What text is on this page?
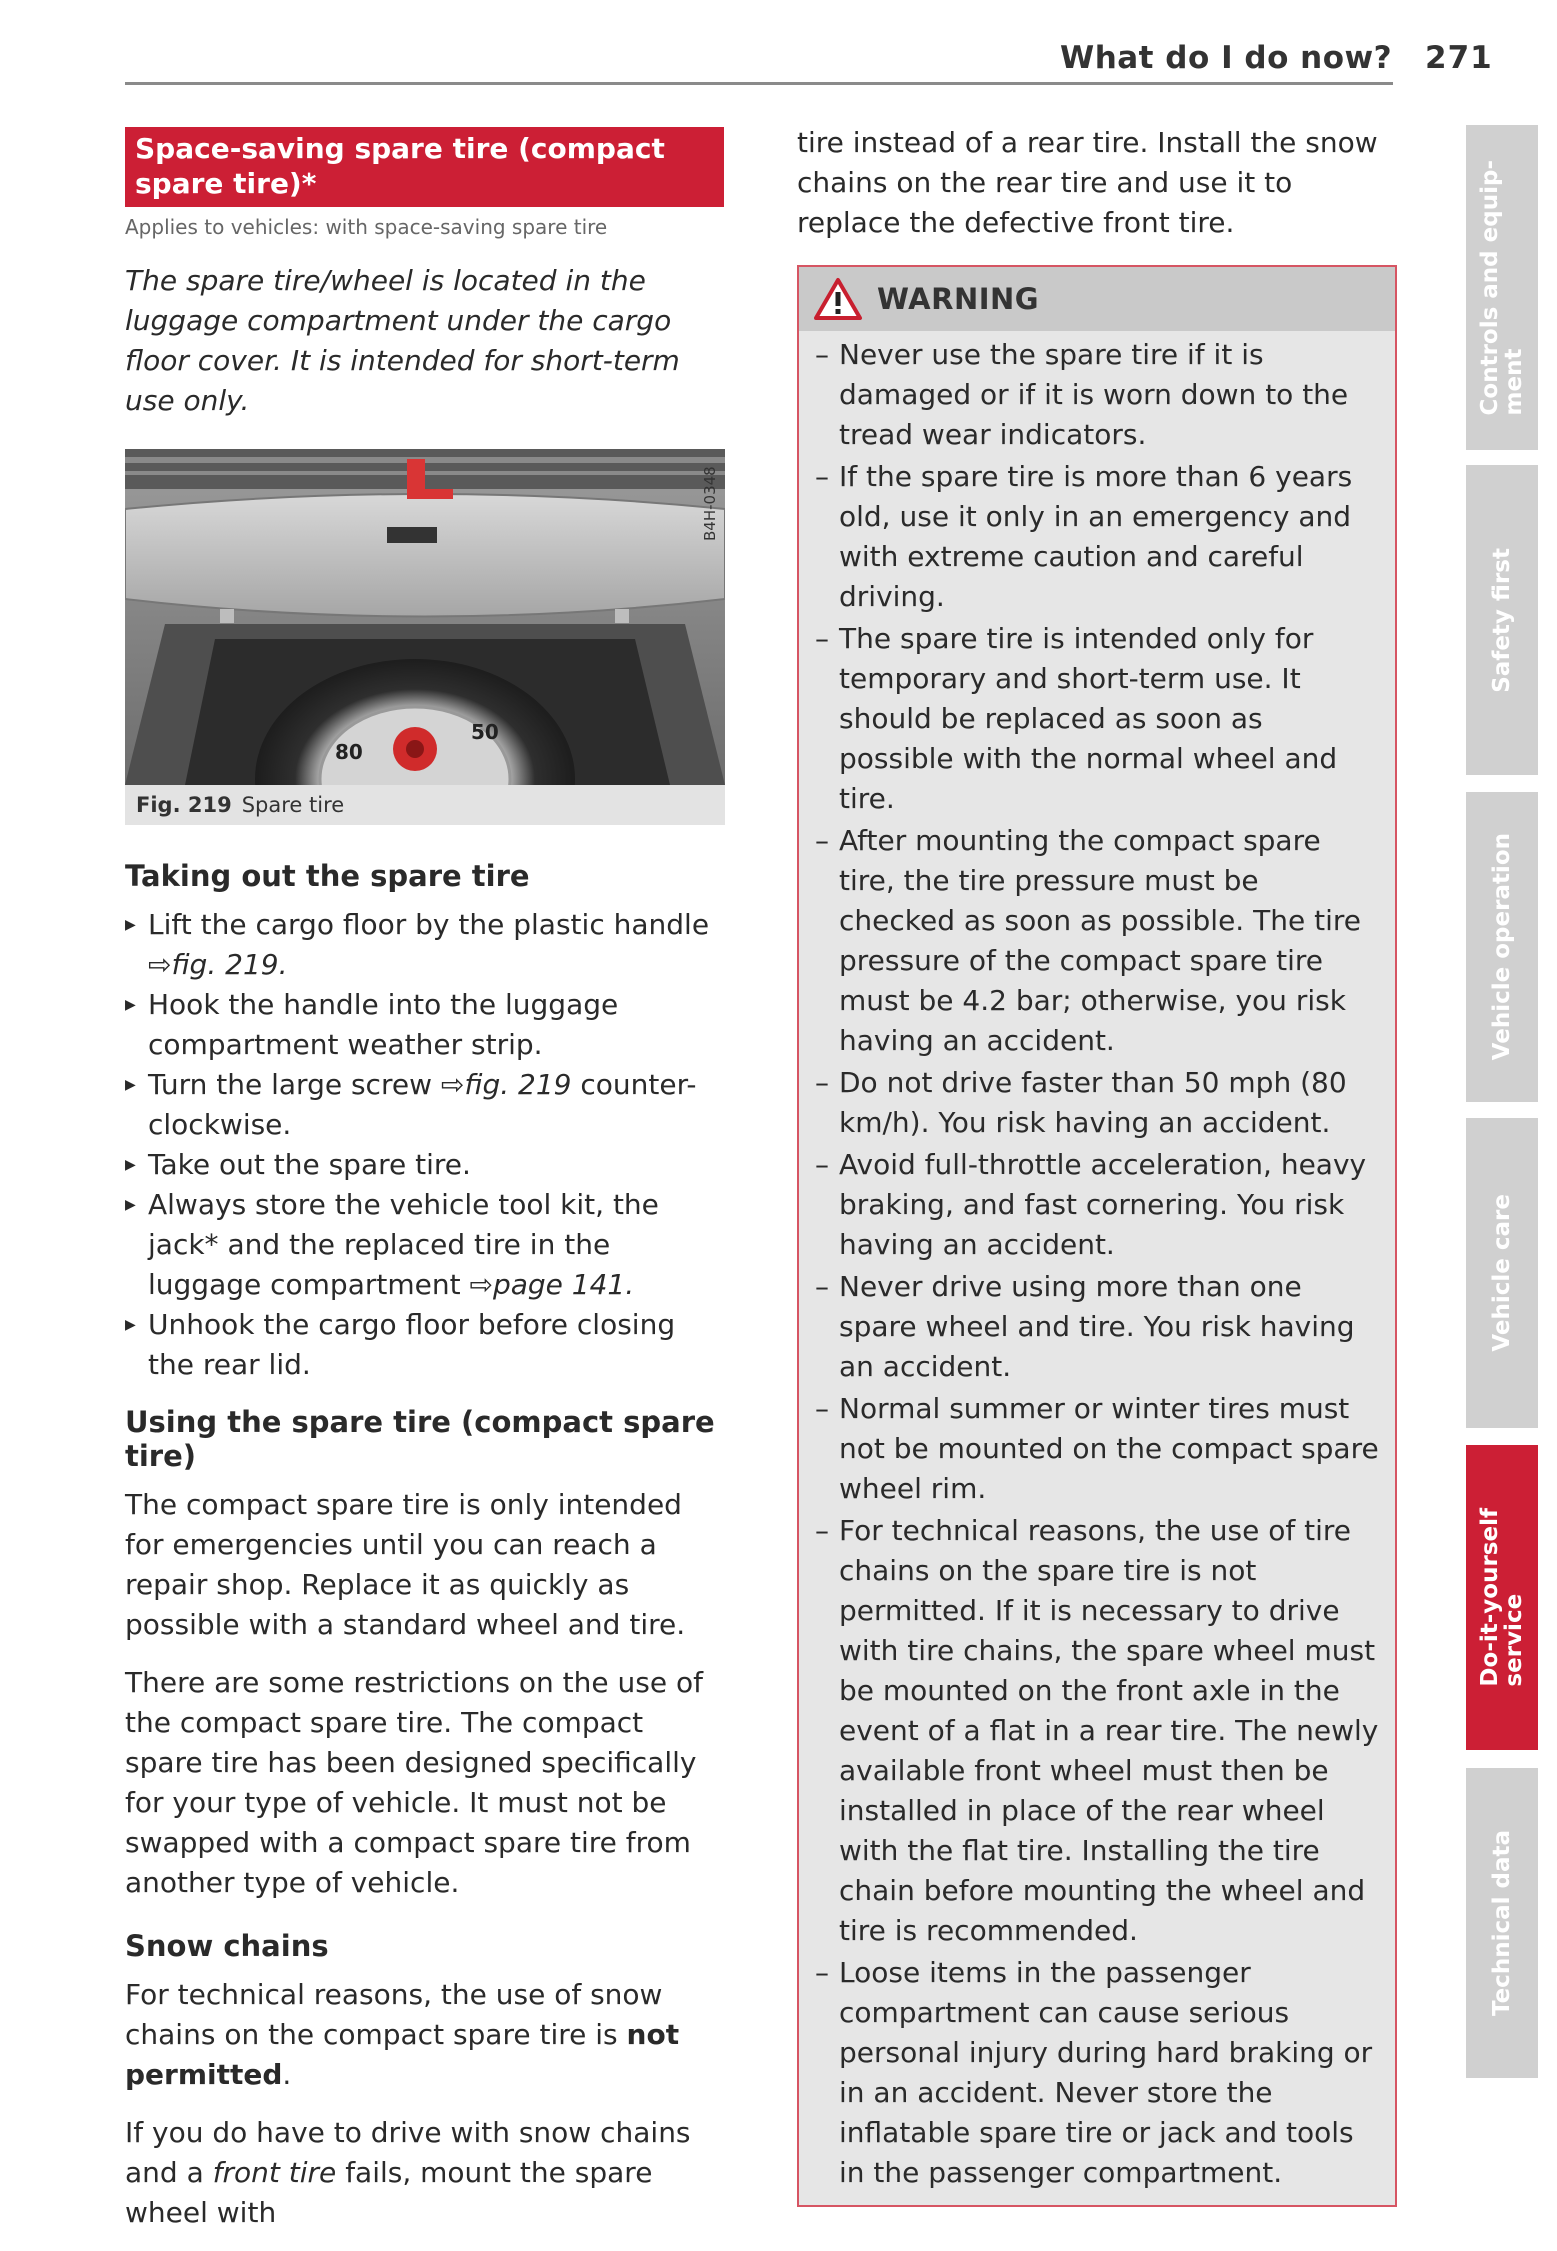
What do I do now? 271
Space-saving spare tire (compact spare tire)*
Applies to vehicles: with space-saving spare tire
The spare tire/wheel is located in the luggage compartment under the cargo floor cover. It is intended for short-term use only.
80
50
B4H-0348
Fig. 219 Spare tire
Taking out the spare tire
▶ Lift the cargo floor by the plastic handle
⇨fig. 219.
▶ Hook the handle into the luggage compartment weather strip.
▶ Turn the large screw ⇨fig. 219 counter-clockwise.
▶ Take out the spare tire.
▶ Always store the vehicle tool kit, the jack* and the replaced tire in the luggage compartment ⇨page 141.
▶ Unhook the cargo floor before closing the rear lid.
Using the spare tire (compact spare tire)

The compact spare tire is only intended for emergencies until you can reach a repair shop. Replace it as quickly as possible with a standard wheel and tire.

There are some restrictions on the use of the compact spare tire. The compact spare tire has been designed specifically for your type of vehicle. It must not be swapped with a compact spare tire from another type of vehicle.

Snow chains

For technical reasons, the use of snow chains on the compact spare tire is not permitted.

If you do have to drive with snow chains and a front tire fails, mount the spare wheel with

tire instead of a rear tire. Install the snow chains on the rear tire and use it to replace the defective front tire.

WARNING
– Never use the spare tire if it is damaged or if it is worn down to the tread wear indicators.
– If the spare tire is more than 6 years old, use it only in an emergency and with extreme caution and careful driving.
– The spare tire is intended only for temporary and short-term use. It should be replaced as soon as possible with the normal wheel and tire.
– After mounting the compact spare tire, the tire pressure must be checked as soon as possible. The tire pressure of the compact spare tire must be 4.2 bar; otherwise, you risk having an accident.
– Do not drive faster than 50 mph (80 km/h). You risk having an accident.
– Avoid full-throttle acceleration, heavy braking, and fast cornering. You risk having an accident.
– Never drive using more than one spare wheel and tire. You risk having an accident.
– Normal summer or winter tires must not be mounted on the compact spare wheel rim.
– For technical reasons, the use of tire chains on the spare tire is not permitted. If it is necessary to drive with tire chains, the spare wheel must be mounted on the front axle in the event of a flat in a rear tire. The newly available front wheel must then be installed in place of the rear wheel with the flat tire. Installing the tire chain before mounting the wheel and tire is recommended.
– Loose items in the passenger compartment can cause serious personal injury during hard braking or in an accident. Never store the inflatable spare tire or jack and tools in the passenger compartment.
Controls and equip-
ment
Safety first
Vehicle operation
Vehicle care
Do-it-yourself
service
Technical data
